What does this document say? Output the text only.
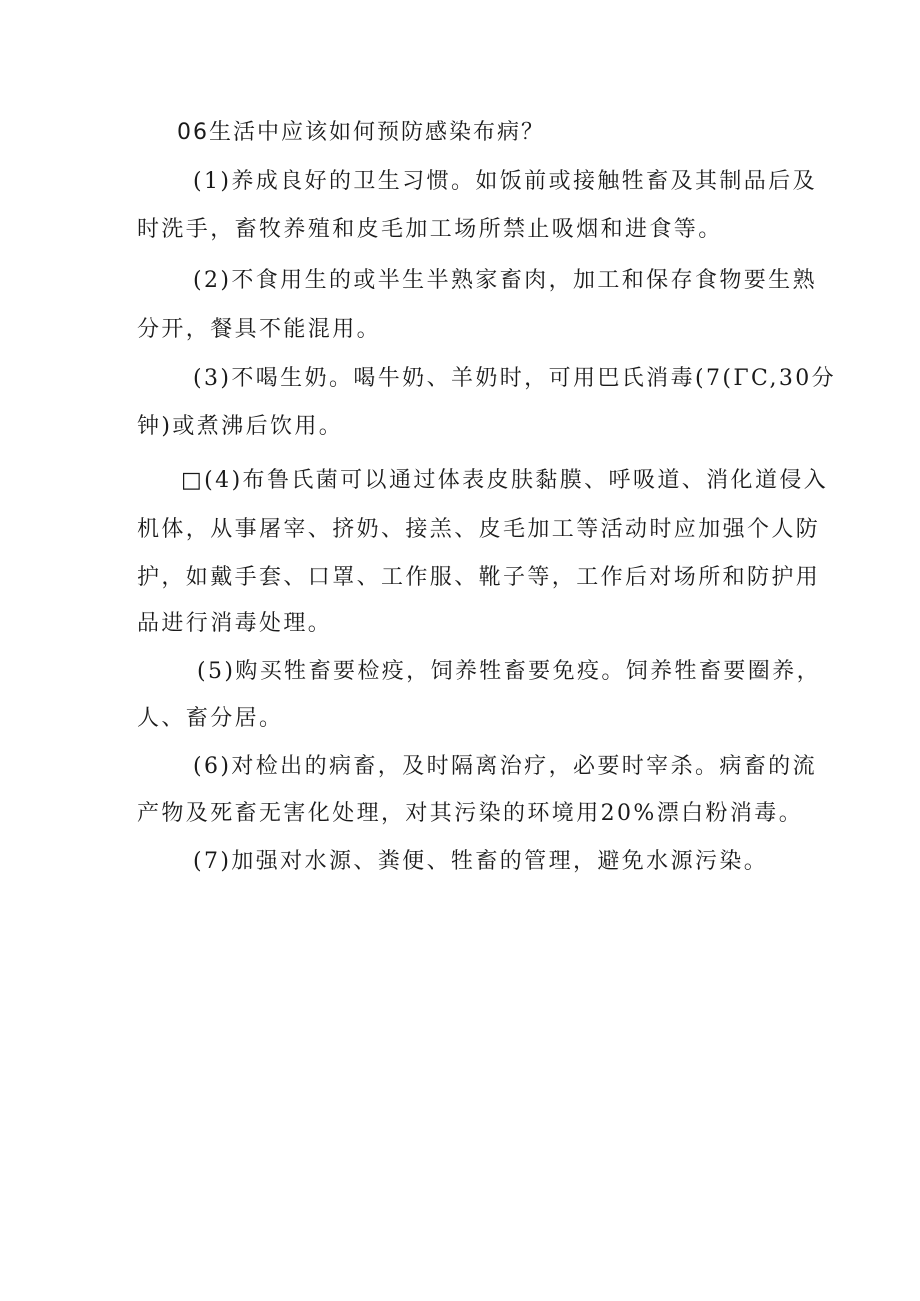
06生活中应该如何预防感染布病？
(1)养成良好的卫生习惯。如饭前或接触牲畜及其制品后及
时洗手，畜牧养殖和皮毛加工场所禁止吸烟和进食等。
(2)不食用生的或半生半熟家畜肉，加工和保存食物要生熟
分开，餐具不能混用。
(3)不喝生奶。喝牛奶、羊奶时，可用巴氏消毒(7(ΓC,30分
钟)或煮沸后饮用。
□(4)布鲁氏菌可以通过体表皮肤黏膜、呼吸道、消化道侵入
机体，从事屠宰、挤奶、接羔、皮毛加工等活动时应加强个人防
护，如戴手套、口罩、工作服、靴子等，工作后对场所和防护用
品进行消毒处理。
(5)购买牲畜要检疫，饲养牲畜要免疫。饲养牲畜要圈养，
人、畜分居。
(6)对检出的病畜，及时隔离治疗，必要时宰杀。病畜的流
产物及死畜无害化处理，对其污染的环境用20%漂白粉消毒。
(7)加强对水源、粪便、牲畜的管理，避免水源污染。
